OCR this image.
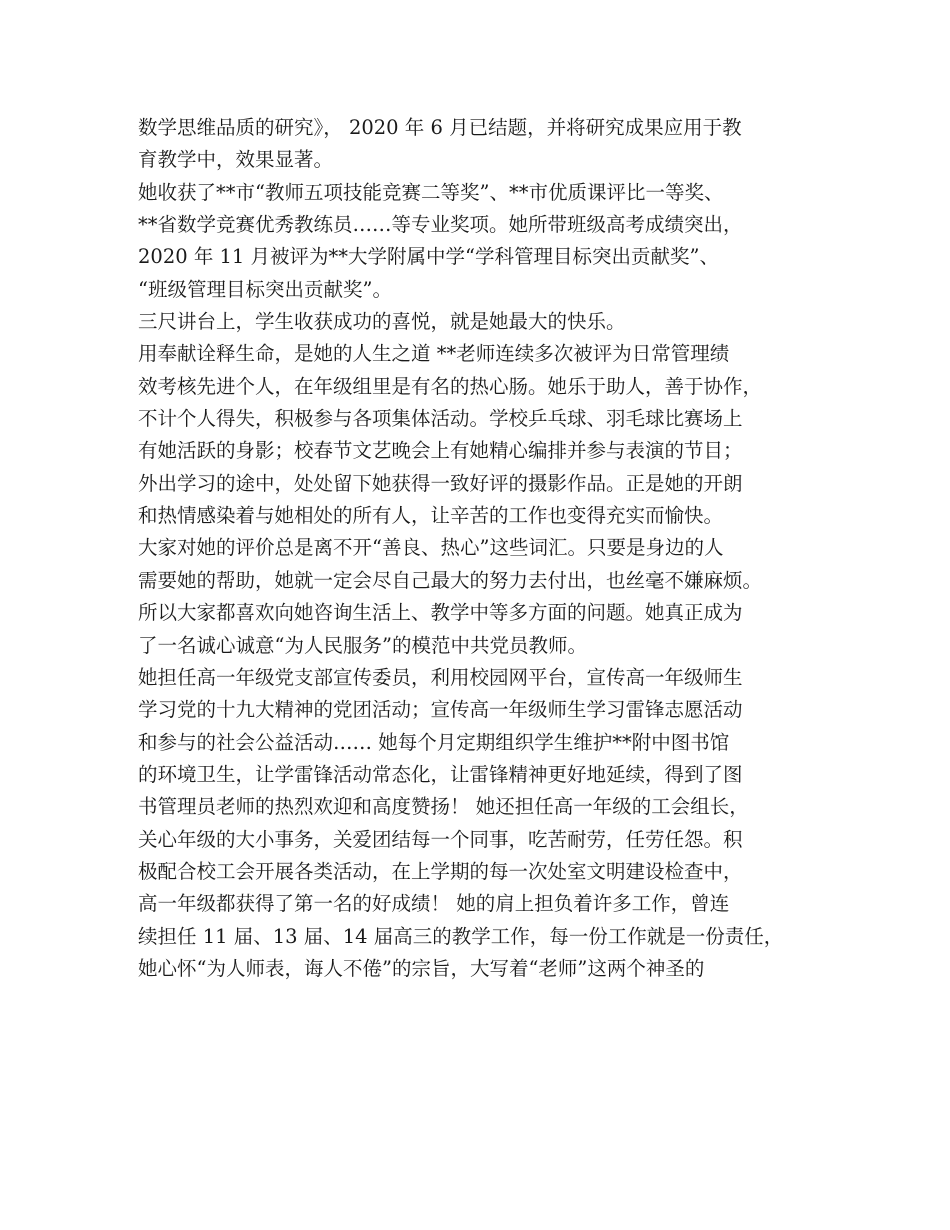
数学思维品质的研究》， 2020 年 6 月已结题，并将研究成果应用于教

育教学中，效果显著。

她收获了**市“教师五项技能竞赛二等奖”、**市优质课评比一等奖、

**省数学竞赛优秀教练员……等专业奖项。她所带班级高考成绩突出，

2020 年 11 月被评为**大学附属中学“学科管理目标突出贡献奖”、

“班级管理目标突出贡献奖”。

三尺讲台上，学生收获成功的喜悦，就是她最大的快乐。

用奉献诠释生命，是她的人生之道 **老师连续多次被评为日常管理绩

效考核先进个人，在年级组里是有名的热心肠。她乐于助人，善于协作，

不计个人得失，积极参与各项集体活动。学校乒乓球、羽毛球比赛场上

有她活跃的身影；校春节文艺晚会上有她精心编排并参与表演的节目；

外出学习的途中，处处留下她获得一致好评的摄影作品。正是她的开朗

和热情感染着与她相处的所有人，让辛苦的工作也变得充实而愉快。

大家对她的评价总是离不开“善良、热心”这些词汇。只要是身边的人

需要她的帮助，她就一定会尽自己最大的努力去付出，也丝毫不嫌麻烦。

所以大家都喜欢向她咨询生活上、教学中等多方面的问题。她真正成为

了一名诚心诚意“为人民服务”的模范中共党员教师。

她担任高一年级党支部宣传委员，利用校园网平台，宣传高一年级师生

学习党的十九大精神的党团活动；宣传高一年级师生学习雷锋志愿活动

和参与的社会公益活动…… 她每个月定期组织学生维护**附中图书馆

的环境卫生，让学雷锋活动常态化，让雷锋精神更好地延续，得到了图

书管理员老师的热烈欢迎和高度赞扬！ 她还担任高一年级的工会组长，

关心年级的大小事务，关爱团结每一个同事，吃苦耐劳，任劳任怨。积

极配合校工会开展各类活动，在上学期的每一次处室文明建设检查中，

高一年级都获得了第一名的好成绩！ 她的肩上担负着许多工作，曾连

续担任 11 届、13 届、14 届高三的教学工作，每一份工作就是一份责任，

她心怀“为人师表，诲人不倦”的宗旨，大写着“老师”这两个神圣的
